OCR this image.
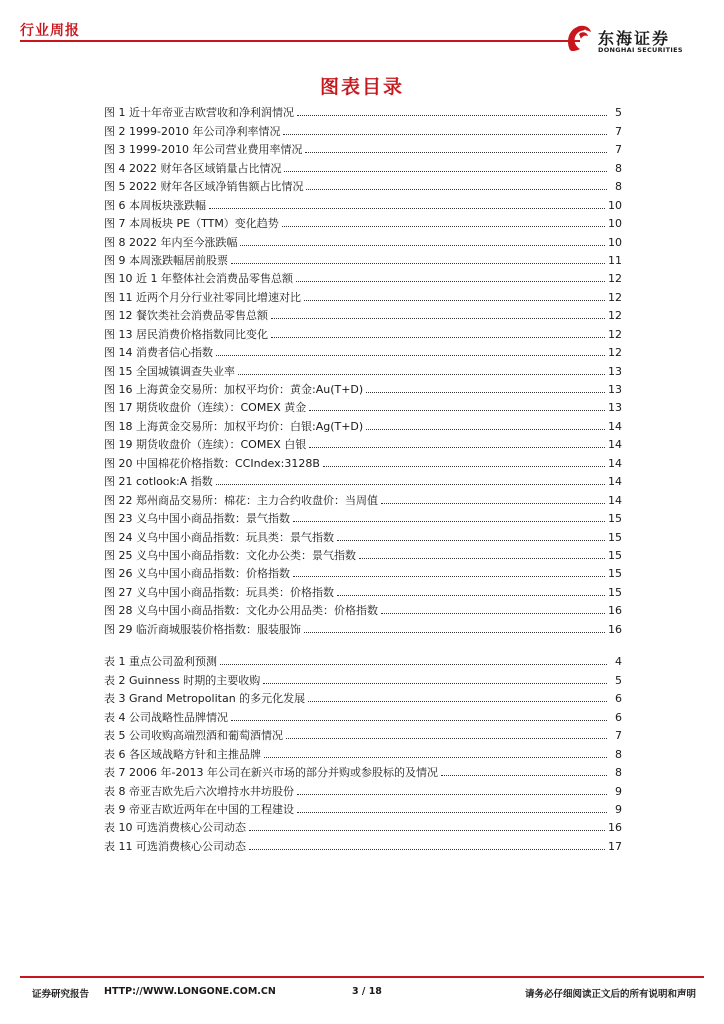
行业周报	东海证券
DONGHAI SECURITIES
图表目录
图 1 近十年帝亚吉欧营收和净利润情况	5
图 2 1999-2010 年公司净利率情况	7
图 3 1999-2010 年公司营业费用率情况	7
图 4 2022 财年各区域销量占比情况	8
图 5 2022 财年各区域净销售额占比情况	8
图 6 本周板块涨跌幅	10
图 7 本周板块 PE（TTM）变化趋势	10
图 8 2022 年内至今涨跌幅	10
图 9 本周涨跌幅居前股票	11
图 10 近 1 年整体社会消费品零售总额	12
图 11 近两个月分行业社零同比增速对比	12
图 12 餐饮类社会消费品零售总额	12
图 13 居民消费价格指数同比变化	12
图 14 消费者信心指数	12
图 15 全国城镇调查失业率	13
图 16 上海黄金交易所：加权平均价：黄金:Au(T+D)	13
图 17 期货收盘价（连续）：COMEX 黄金	13
图 18 上海黄金交易所：加权平均价：白银:Ag(T+D)	14
图 19 期货收盘价（连续）：COMEX 白银	14
图 20 中国棉花价格指数：CCIndex:3128B	14
图 21 cotlook:A 指数	14
图 22 郑州商品交易所：棉花：主力合约收盘价：当周值	14
图 23 义乌中国小商品指数：景气指数	15
图 24 义乌中国小商品指数：玩具类：景气指数	15
图 25 义乌中国小商品指数：文化办公类：景气指数	15
图 26 义乌中国小商品指数：价格指数	15
图 27 义乌中国小商品指数：玩具类：价格指数	15
图 28 义乌中国小商品指数：文化办公用品类：价格指数	16
图 29 临沂商城服装价格指数：服装服饰	16
表 1 重点公司盈利预测	4
表 2 Guinness 时期的主要收购	5
表 3 Grand Metropolitan 的多元化发展	6
表 4 公司战略性品牌情况	6
表 5 公司收购高端烈酒和葡萄酒情况	7
表 6 各区域战略方针和主推品牌	8
表 7 2006 年-2013 年公司在新兴市场的部分并购或参股标的及情况	8
表 8 帝亚吉欧先后六次增持水井坊股份	9
表 9 帝亚吉欧近两年在中国的工程建设	9
表 10 可选消费核心公司动态	16
表 11 可选消费核心公司动态	17
证券研究报告 HTTP://WWW.LONGONE.COM.CN	3 / 18	请务必仔细阅读正文后的所有说明和声明
